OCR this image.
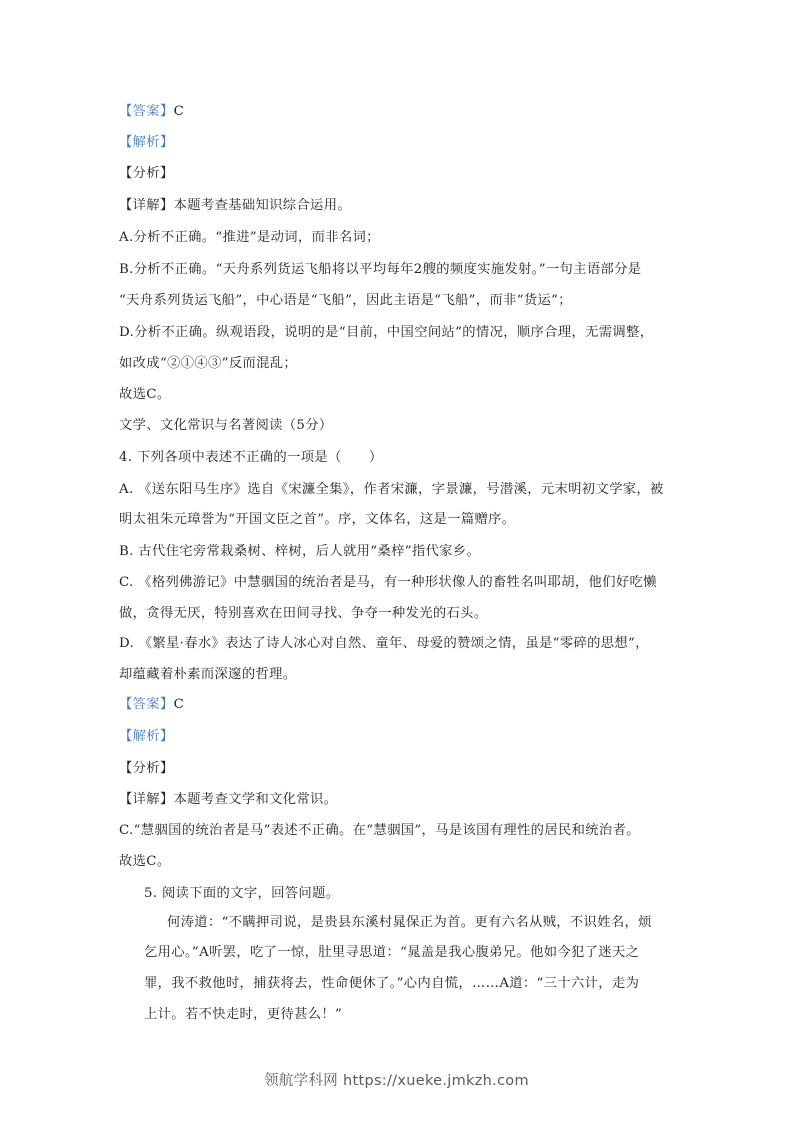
【答案】C
【解析】
【分析】
【详解】本题考查基础知识综合运用。
A.分析不正确。“推进”是动词，而非名词；
B.分析不正确。“天舟系列货运飞船将以平均每年2艘的频度实施发射。”一句主语部分是
“天舟系列货运飞船”，中心语是“飞船”，因此主语是“飞船”，而非“货运”；
D.分析不正确。纵观语段，说明的是“目前，中国空间站”的情况，顺序合理，无需调整，
如改成“②①④③”反而混乱；
故选C。
文学、文化常识与名著阅读（5分）
4. 下列各项中表述不正确的一项是（　　）
A. 《送东阳马生序》选自《宋濂全集》，作者宋濂，字景濂，号潜溪，元末明初文学家，被
明太祖朱元璋誉为“开国文臣之首”。序，文体名，这是一篇赠序。
B. 古代住宅旁常栽桑树、梓树，后人就用“桑梓”指代家乡。
C. 《格列佛游记》中慧骃国的统治者是马，有一种形状像人的畜牲名叫耶胡，他们好吃懒
做，贪得无厌，特别喜欢在田间寻找、争夺一种发光的石头。
D. 《繁星·春水》表达了诗人冰心对自然、童年、母爱的赞颂之情，虽是“零碎的思想”，
却蕴藏着朴素而深邃的哲理。
【答案】C
【解析】
【分析】
【详解】本题考查文学和文化常识。
C.“慧骃国的统治者是马”表述不正确。在“慧骃国”，马是该国有理性的居民和统治者。
故选C。
5. 阅读下面的文字，回答问题。
何涛道：“不瞒押司说，是贵县东溪村晁保正为首。更有六名从贼，不识姓名，烦
乞用心。”A听罢，吃了一惊，肚里寻思道：“晁盖是我心腹弟兄。他如今犯了迷天之
罪，我不救他时，捕获将去，性命便休了。”心内自慌，……A道：“三十六计，走为
上计。若不快走时，更待甚么！”
领航学科网 https://xueke.jmkzh.com
